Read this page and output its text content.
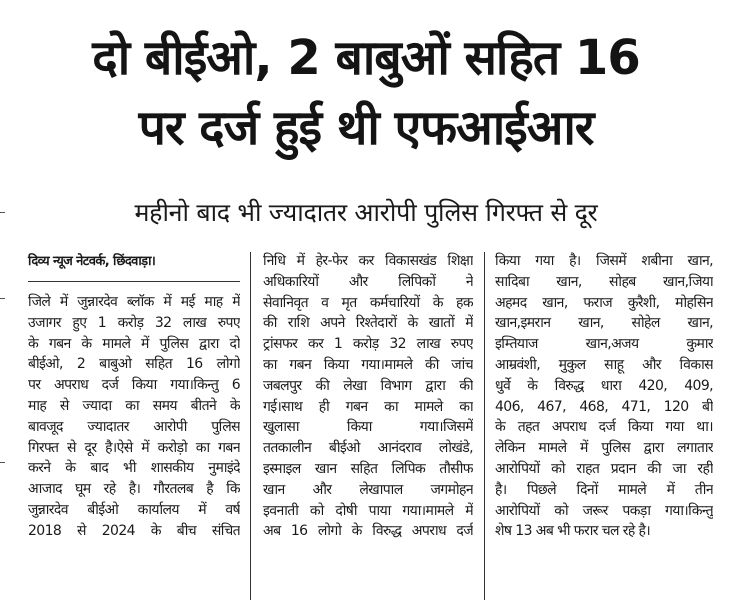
दो बीईओ, 2 बाबुओं सहित 16
पर दर्ज हुई थी एफआईआर
महीनो बाद भी ज्यादातर आरोपी पुलिस गिरफ्त से दूर
दिव्य न्यूज नेटवर्क, छिंदवाड़ा।
जिले में जुन्नारदेव ब्लॉक में मई माह में
उजागर हुए 1 करोड़ 32 लाख रुपए
के गबन के मामले में पुलिस द्वारा दो
बीईओ, 2 बाबुओ सहित 16 लोगो
पर अपराध दर्ज किया गया।किन्तु 6
माह से ज्यादा का समय बीतने के
बावजूद ज्यादातर आरोपी पुलिस
गिरफ्त से दूर है।ऐसे में करोड़ो का गबन
करने के बाद भी शासकीय नुमाइंदे
आजाद घूम रहे है। गौरतलब है कि
जुन्नारदेव बीईओ कार्यालय में वर्ष
2018 से 2024 के बीच संचित
निधि में हेर-फेर कर विकासखंड शिक्षा
अधिकारियों और लिपिकों ने
सेवानिवृत व मृत कर्मचारियों के हक
की राशि अपने रिश्तेदारों के खातों में
ट्रांसफर कर 1 करोड़ 32 लाख रुपए
का गबन किया गया।मामले की जांच
जबलपुर की लेखा विभाग द्वारा की
गई।साथ ही गबन का मामले का
खुलासा किया गया।जिसमें
ततकालीन बीईओ आनंदराव लोखंडे,
इस्माइल खान सहित लिपिक तौसीफ
खान और लेखापाल जगमोहन
इवनाती को दोषी पाया गया।मामले में
अब 16 लोगो के विरुद्ध अपराध दर्ज
किया गया है। जिसमें शबीना खान,
सादिबा खान, सोहब खान,जिया
अहमद खान, फराज कुरैशी, मोहसिन
खान,इमरान खान, सोहेल खान,
इम्तियाज खान,अजय कुमार
आम्रवंशी, मुकुल साहू और विकास
धुर्वे के विरुद्ध धारा 420, 409,
406, 467, 468, 471, 120 बी
के तहत अपराध दर्ज किया गया था।
लेकिन मामले में पुलिस द्वारा लगातार
आरोपियों को राहत प्रदान की जा रही
है। पिछले दिनों मामले में तीन
आरोपियों को जरूर पकड़ा गया।किन्तु
शेष 13 अब भी फरार चल रहे है।
